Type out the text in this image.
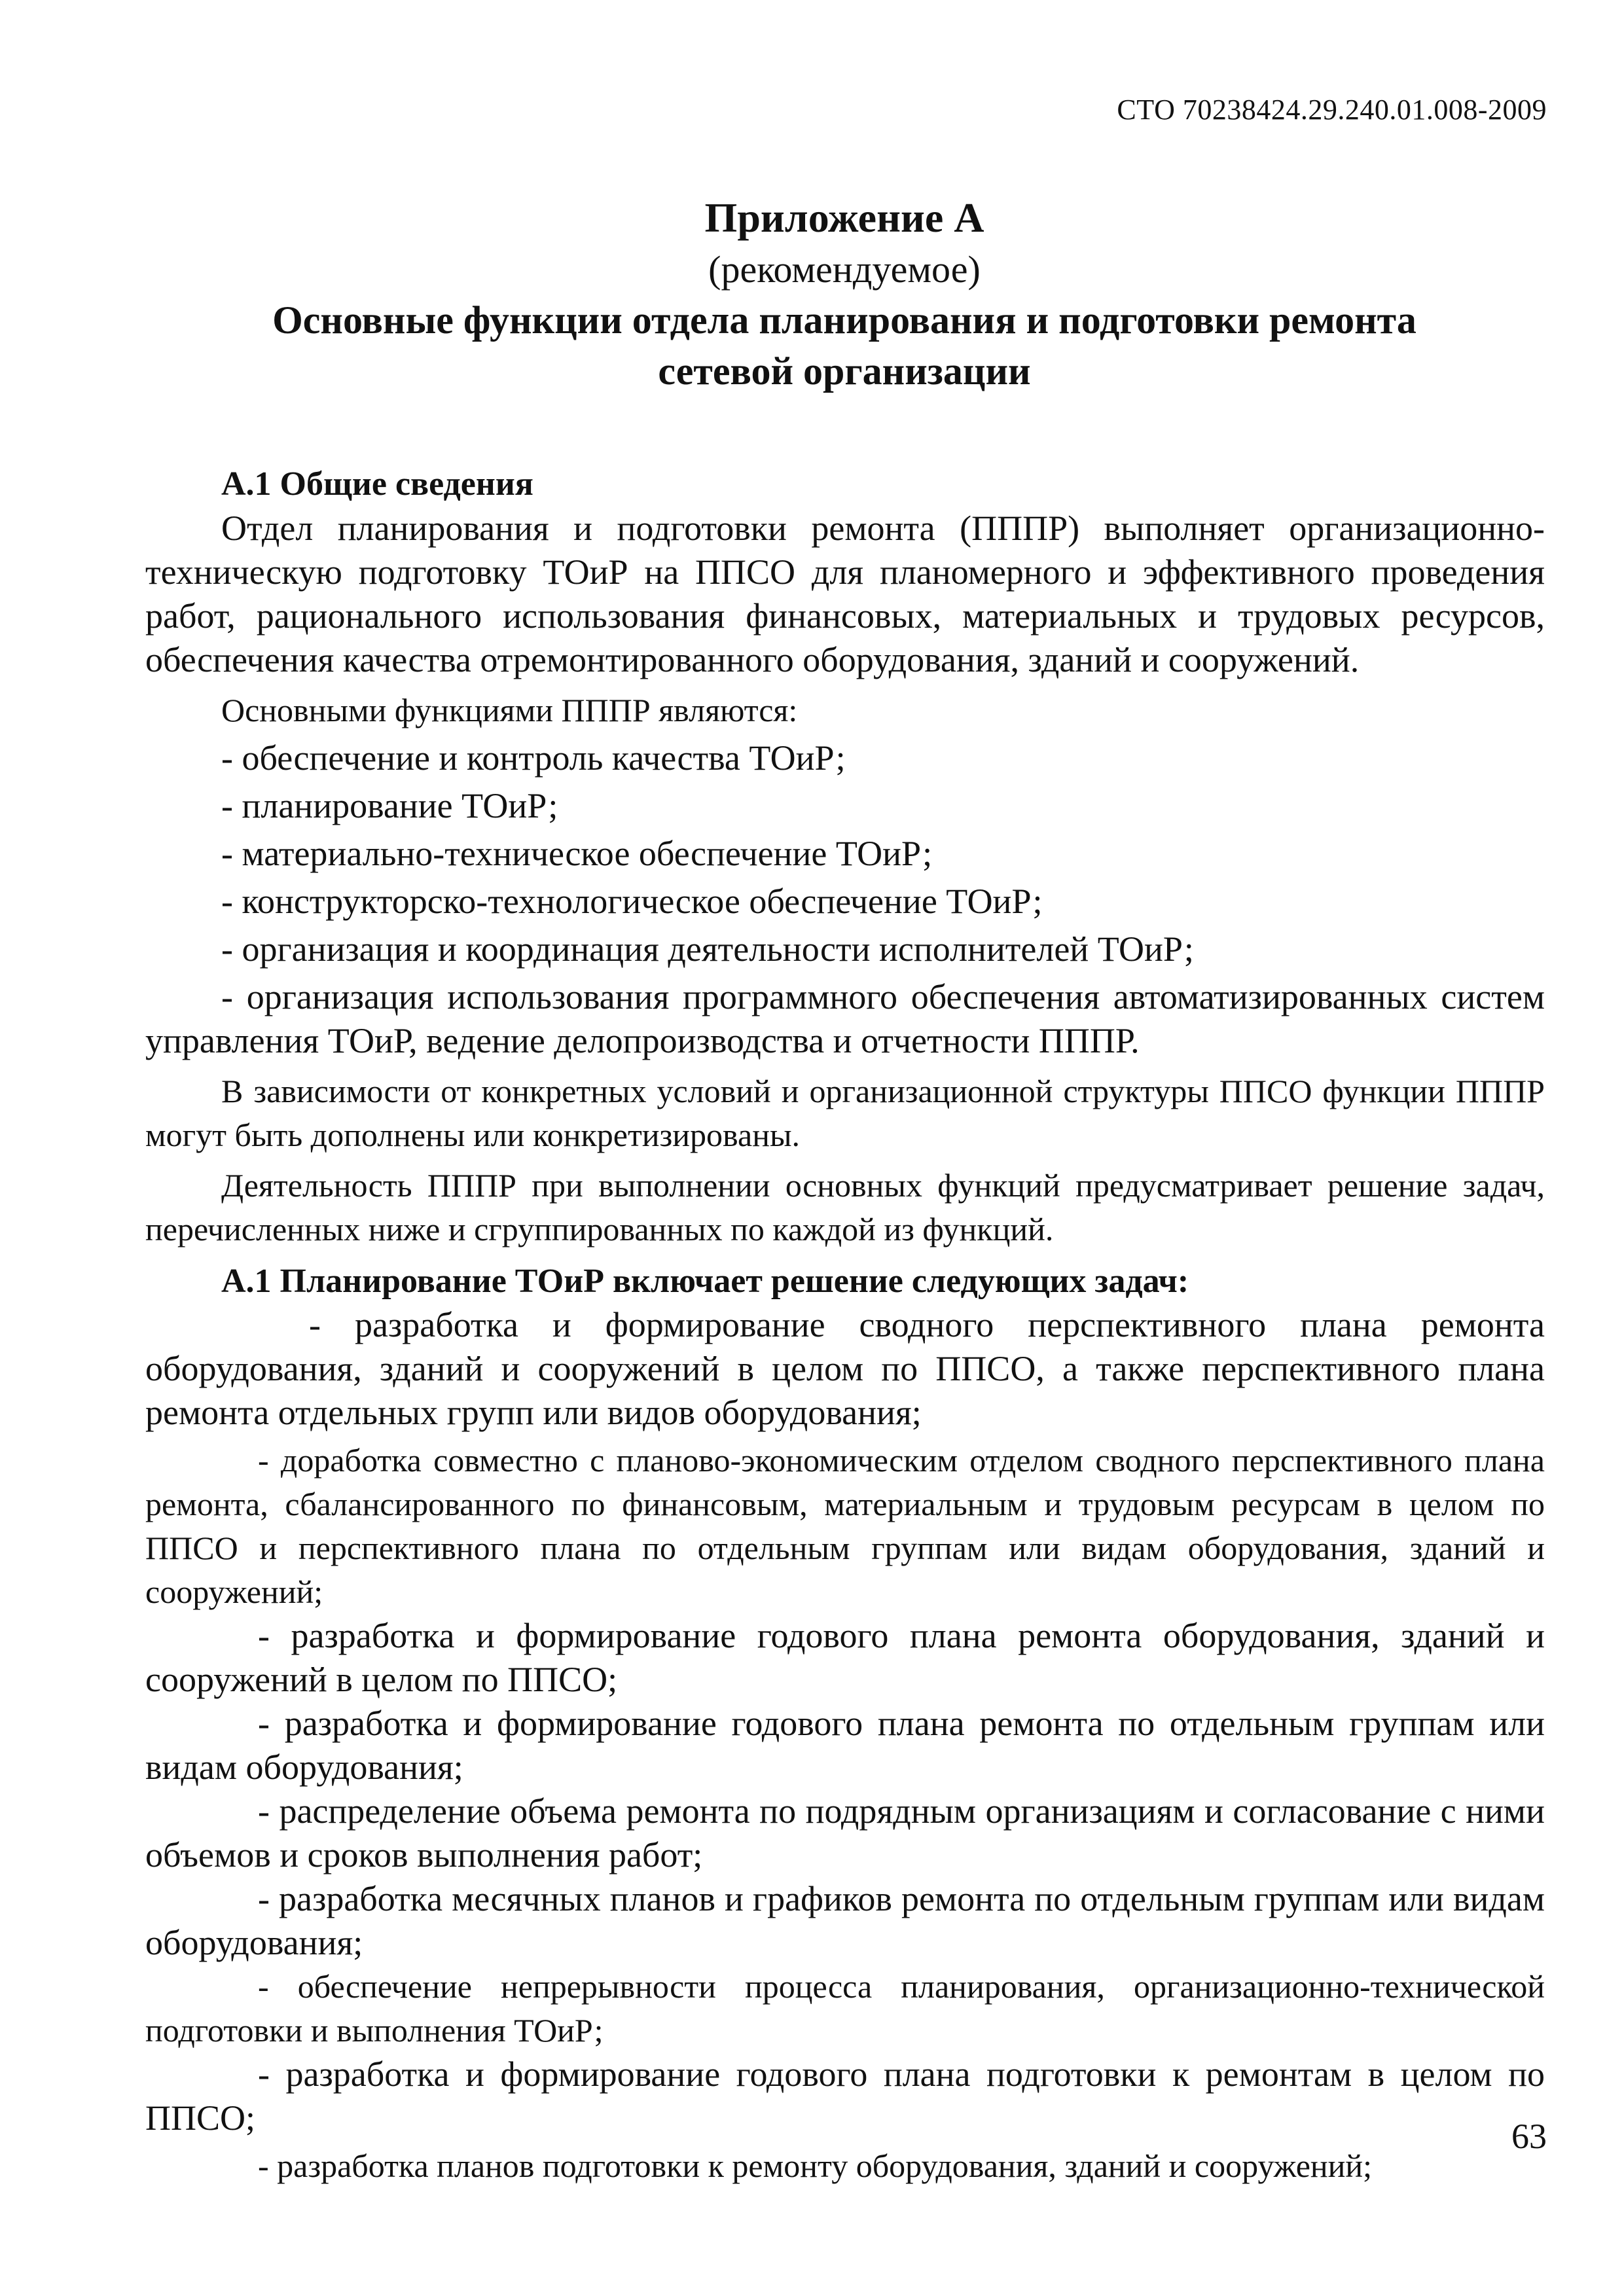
СТО 70238424.29.240.01.008-2009
Приложение А
(рекомендуемое)
Основные функции отдела планирования и подготовки ремонта
сетевой организации

А.1 Общие сведения

Отдел планирования и подготовки ремонта (ПППР) выполняет организационно-техническую подготовку ТОиР на ППСО для планомерного и эффективного проведения работ, рационального использования финансовых, материальных и трудовых ресурсов, обеспечения качества отремонтированного оборудования, зданий и сооружений.

Основными функциями ПППР являются:

- обеспечение и контроль качества ТОиР;

- планирование ТОиР;

- материально-техническое обеспечение ТОиР;

- конструкторско-технологическое обеспечение ТОиР;

- организация и координация деятельности исполнителей ТОиР;

- организация использования программного обеспечения автоматизированных систем управления ТОиР, ведение делопроизводства и отчетности ПППР.

В зависимости от конкретных условий и организационной структуры ППСО функции ПППР могут быть дополнены или конкретизированы.

Деятельность ПППР при выполнении основных функций предусматривает решение задач, перечисленных ниже и сгруппированных по каждой из функций.

А.1 Планирование ТОиР включает решение следующих задач:

- разработка и формирование сводного перспективного плана ремонта оборудования, зданий и сооружений в целом по ППСО, а также перспективного плана ремонта отдельных групп или видов оборудования;

- доработка совместно с планово-экономическим отделом сводного перспективного плана ремонта, сбалансированного по финансовым, материальным и трудовым ресурсам в целом по ППСО и перспективного плана по отдельным группам или видам оборудования, зданий и сооружений;

- разработка и формирование годового плана ремонта оборудования, зданий и сооружений в целом по ППСО;

- разработка и формирование годового плана ремонта по отдельным группам или видам оборудования;

- распределение объема ремонта по подрядным организациям и согласование с ними объемов и сроков выполнения работ;

- разработка месячных планов и графиков ремонта по отдельным группам или видам оборудования;

- обеспечение непрерывности процесса планирования, организационно-технической подготовки и выполнения ТОиР;

- разработка и формирование годового плана подготовки к ремонтам в целом по ППСО;

- разработка планов подготовки к ремонту оборудования, зданий и сооружений;

63
